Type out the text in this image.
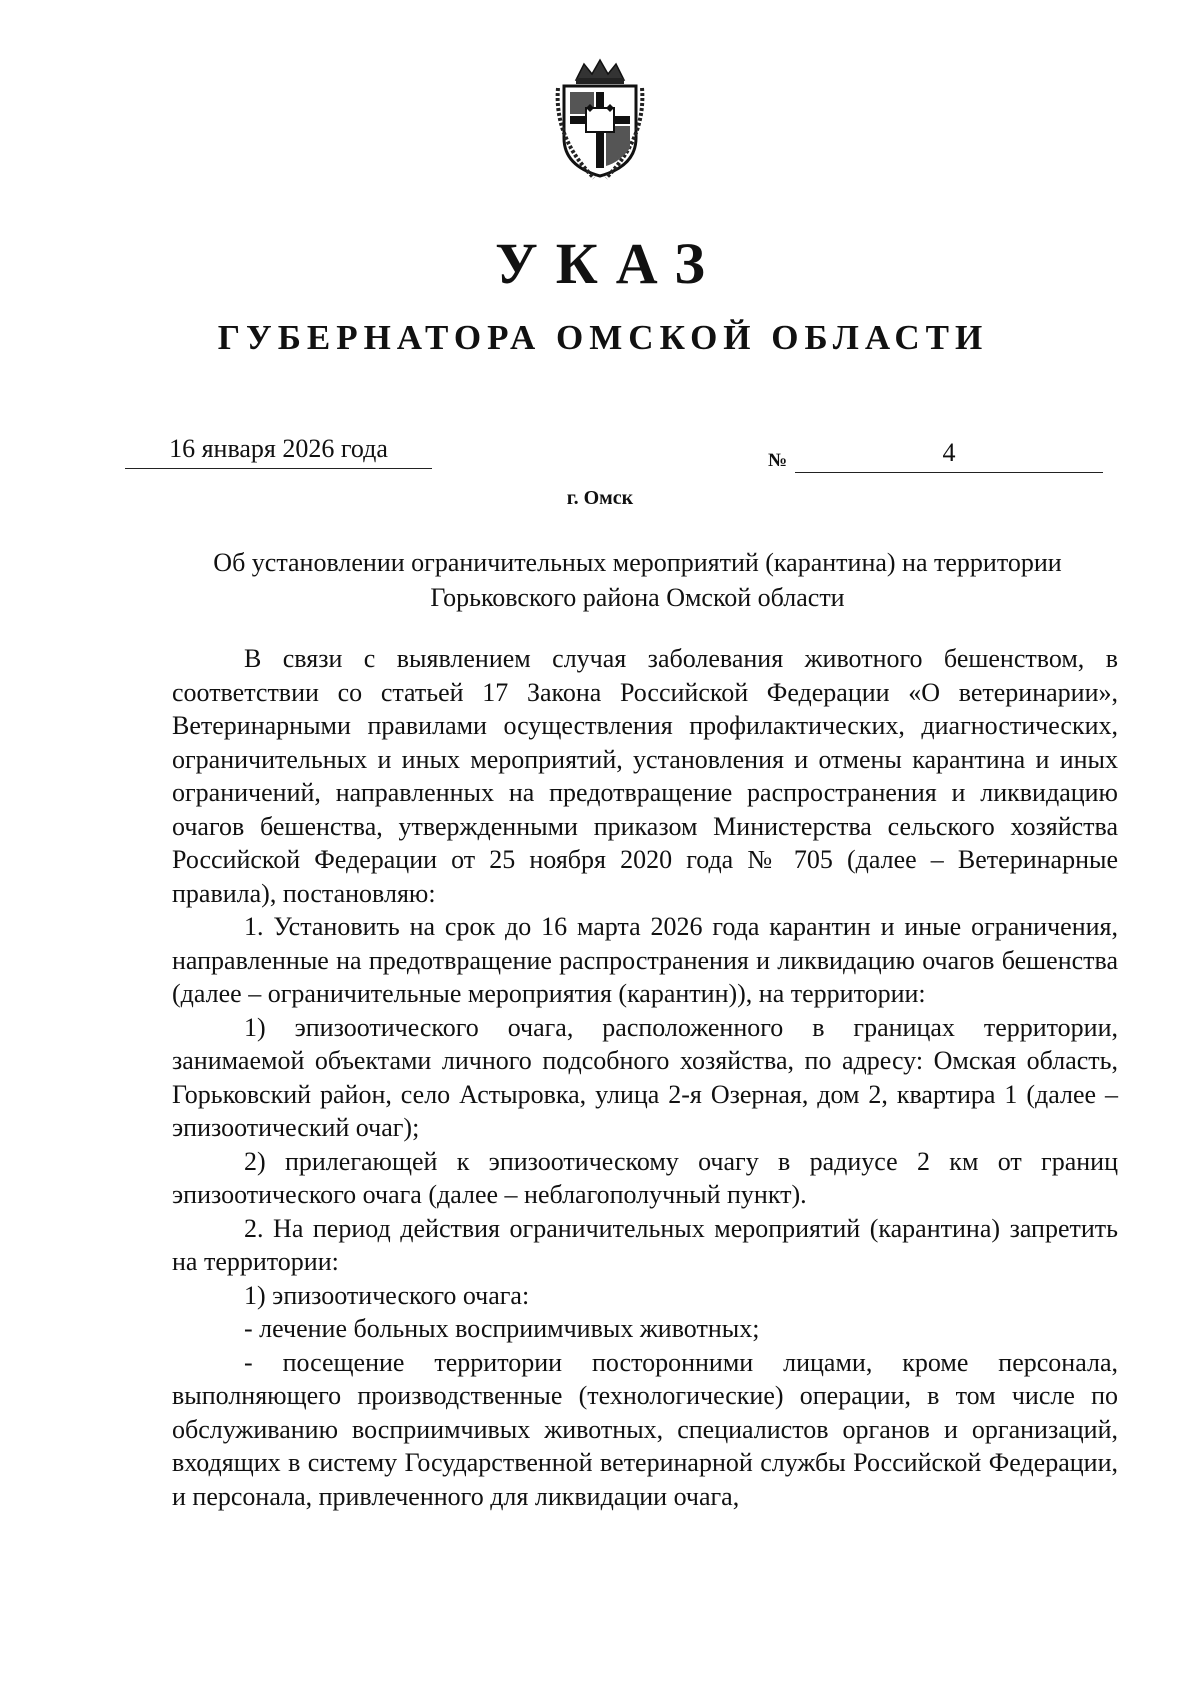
УКАЗ
ГУБЕРНАТОРА ОМСКОЙ ОБЛАСТИ
16 января 2026 года	№	4
г. Омск
Об установлении ограничительных мероприятий (карантина) на территории
Горьковского района Омской области

В связи с выявлением случая заболевания животного бешенством, в соответствии со статьей 17 Закона Российской Федерации «О ветеринарии», Ветеринарными правилами осуществления профилактических, диагностических, ограничительных и иных мероприятий, установления и отмены карантина и иных ограничений, направленных на предотвращение распространения и ликвидацию очагов бешенства, утвержденными приказом Министерства сельского хозяйства Российской Федерации от 25 ноября 2020 года № 705 (далее – Ветеринарные правила), постановляю:

1. Установить на срок до 16 марта 2026 года карантин и иные ограничения, направленные на предотвращение распространения и ликвидацию очагов бешенства (далее – ограничительные мероприятия (карантин)), на территории:

1) эпизоотического очага, расположенного в границах территории, занимаемой объектами личного подсобного хозяйства, по адресу: Омская область, Горьковский район, село Астыровка, улица 2-я Озерная, дом 2, квартира 1 (далее – эпизоотический очаг);

2) прилегающей к эпизоотическому очагу в радиусе 2 км от границ эпизоотического очага (далее – неблагополучный пункт).

2. На период действия ограничительных мероприятий (карантина) запретить на территории:

1) эпизоотического очага:

- лечение больных восприимчивых животных;

- посещение территории посторонними лицами, кроме персонала, выполняющего производственные (технологические) операции, в том числе по обслуживанию восприимчивых животных, специалистов органов и организаций, входящих в систему Государственной ветеринарной службы Российской Федерации, и персонала, привлеченного для ликвидации очага,
